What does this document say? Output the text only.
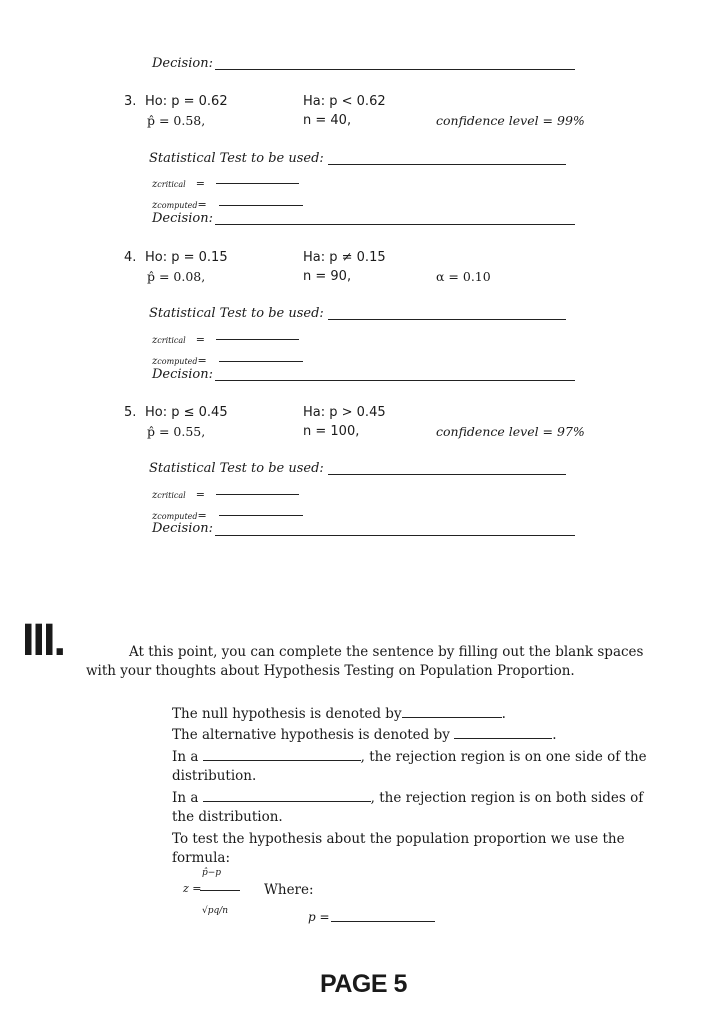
Decision:
3. Ho: p = 0.62	Ha: p < 0.62
p̂ = 0.58,	n = 40,	confidence level = 99%
Statistical Test to be used:
zcritical =
zcomputed=
Decision:
4. Ho: p = 0.15	Ha: p ≠ 0.15
p̂ = 0.08,	n = 90,	α = 0.10
Statistical Test to be used:
zcritical =
zcomputed=
Decision:
5. Ho: p ≤ 0.45	Ha: p > 0.45
p̂ = 0.55,	n = 100,	confidence level = 97%
Statistical Test to be used:
zcritical =
zcomputed=
Decision:
III.	At this point, you can complete the sentence by filling out the blank spaces
with your thoughts about Hypothesis Testing on Population Proportion.
The null hypothesis is denoted by	.
The alternative hypothesis is denoted by	.
In a	, the rejection region is on one side of the
distribution.
In a	, the rejection region is on both sides of
the distribution.
To test the hypothesis about the population proportion we use the
formula:
p̂−p
z =
√pq/n
Where:
p =
PAGE 5
